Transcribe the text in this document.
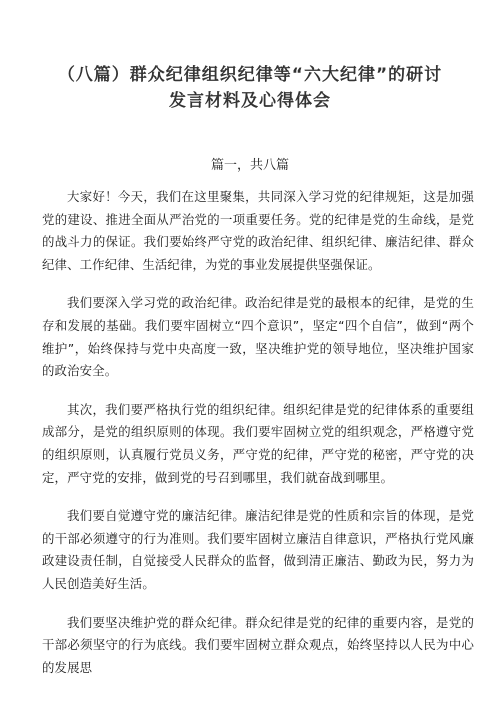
（八篇）群众纪律组织纪律等“六大纪律”的研讨
发言材料及心得体会

篇一，共八篇

大家好！今天，我们在这里聚集，共同深入学习党的纪律规矩，这是加强党的建设、推进全面从严治党的一项重要任务。党的纪律是党的生命线，是党的战斗力的保证。我们要始终严守党的政治纪律、组织纪律、廉洁纪律、群众纪律、工作纪律、生活纪律，为党的事业发展提供坚强保证。

我们要深入学习党的政治纪律。政治纪律是党的最根本的纪律，是党的生存和发展的基础。我们要牢固树立“四个意识”，坚定“四个自信”，做到“两个维护”，始终保持与党中央高度一致，坚决维护党的领导地位，坚决维护国家的政治安全。

其次，我们要严格执行党的组织纪律。组织纪律是党的纪律体系的重要组成部分，是党的组织原则的体现。我们要牢固树立党的组织观念，严格遵守党的组织原则，认真履行党员义务，严守党的纪律，严守党的秘密，严守党的决定，严守党的安排，做到党的号召到哪里，我们就奋战到哪里。

我们要自觉遵守党的廉洁纪律。廉洁纪律是党的性质和宗旨的体现，是党的干部必须遵守的行为准则。我们要牢固树立廉洁自律意识，严格执行党风廉政建设责任制，自觉接受人民群众的监督，做到清正廉洁、勤政为民，努力为人民创造美好生活。

我们要坚决维护党的群众纪律。群众纪律是党的纪律的重要内容，是党的干部必须坚守的行为底线。我们要牢固树立群众观点，始终坚持以人民为中心的发展思
